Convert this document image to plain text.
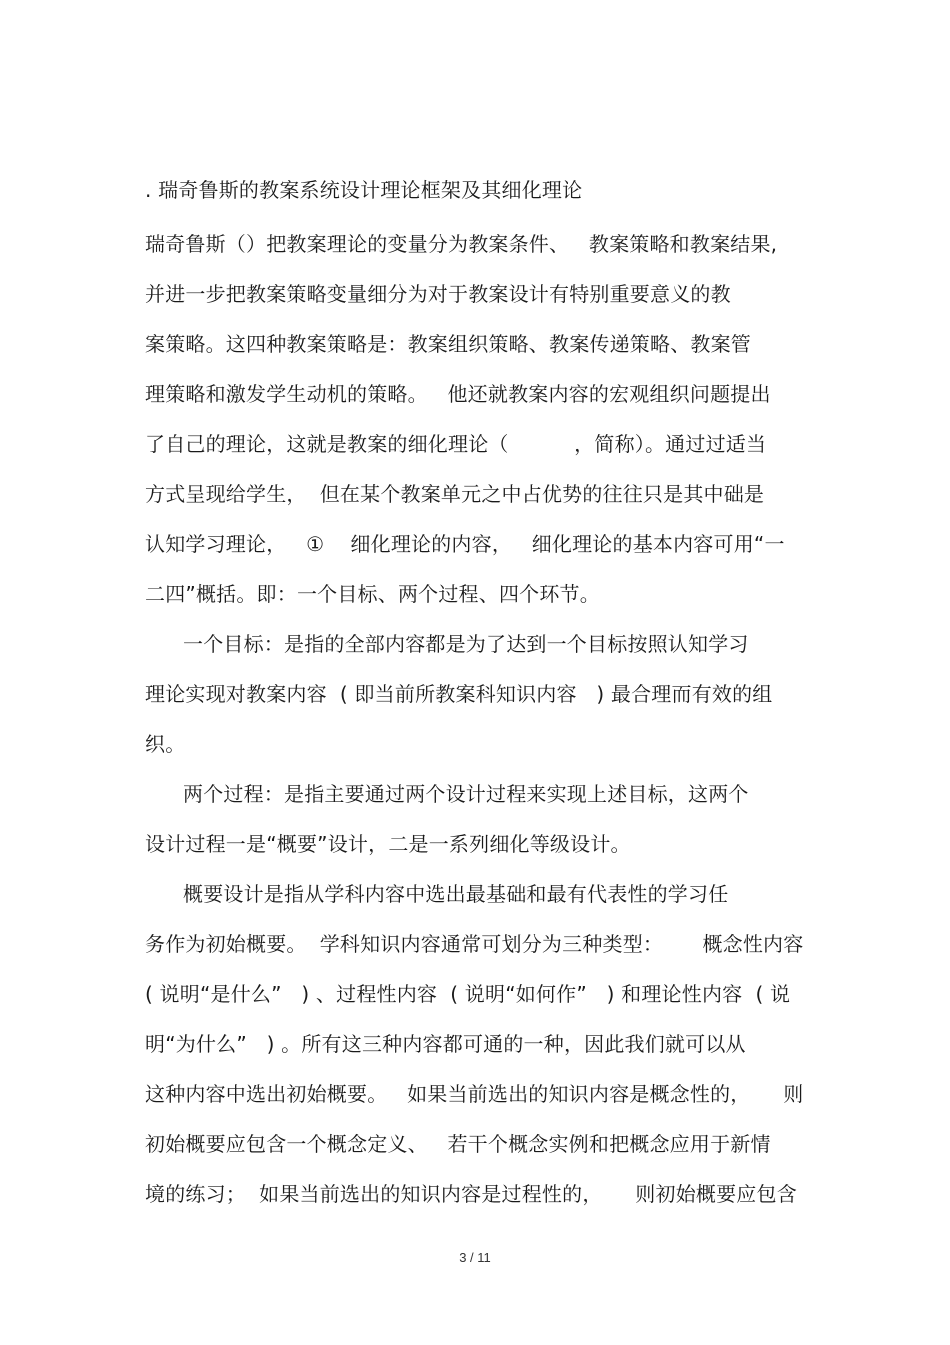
. 瑞奇鲁斯的教案系统设计理论框架及其细化理论
瑞奇鲁斯（）把教案理论的变量分为教案条件、   教案策略和教案结果,
并进一步把教案策略变量细分为对于教案设计有特别重要意义的教
案策略。这四种教案策略是：教案组织策略、教案传递策略、教案管
理策略和激发学生动机的策略。   他还就教案内容的宏观组织问题提出
了自己的理论，这就是教案的细化理论（          ，简称）。通过过适当
方式呈现给学生，  但在某个教案单元之中占优势的往往只是其中础是
认知学习理论，   ①    细化理论的内容，   细化理论的基本内容可用“一
二四”概括。即：一个目标、两个过程、四个环节。
一个目标：是指的全部内容都是为了达到一个目标按照认知学习
理论实现对教案内容  ( 即当前所教案科知识内容   ) 最合理而有效的组
织。
两个过程：是指主要通过两个设计过程来实现上述目标，这两个
设计过程一是“概要”设计，二是一系列细化等级设计。
概要设计是指从学科内容中选出最基础和最有代表性的学习任
务作为初始概要。  学科知识内容通常可划分为三种类型：      概念性内容
( 说明“是什么”   ) 、过程性内容  ( 说明“如何作”   ) 和理论性内容  ( 说
明“为什么”   ) 。所有这三种内容都可通的一种，因此我们就可以从
这种内容中选出初始概要。   如果当前选出的知识内容是概念性的，     则
初始概要应包含一个概念定义、   若干个概念实例和把概念应用于新情
境的练习；  如果当前选出的知识内容是过程性的，     则初始概要应包含
3 / 11
